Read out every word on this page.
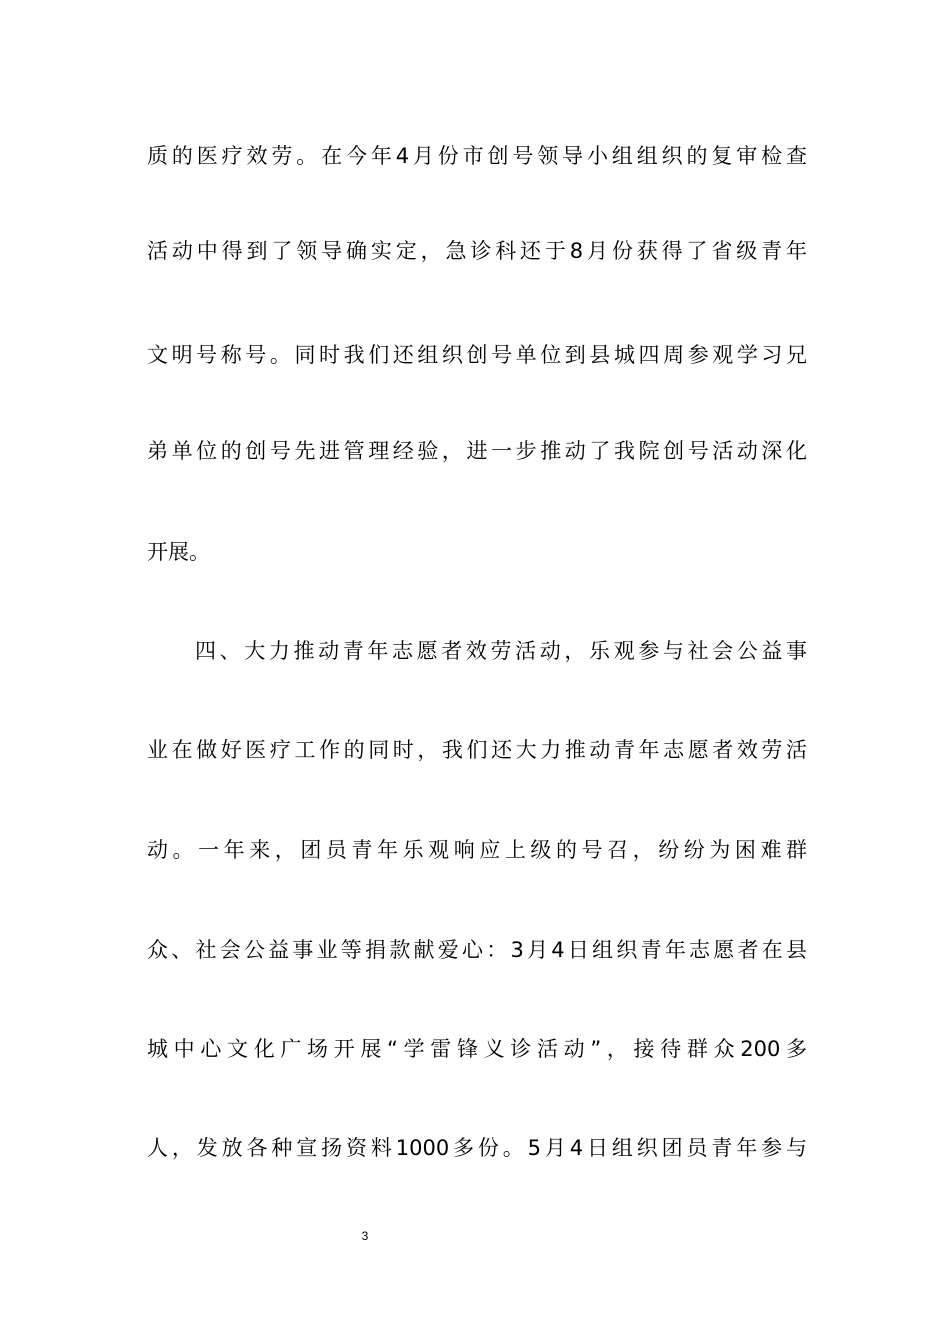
质的医疗效劳。在今年4月份市创号领导小组组织的复审检查
活动中得到了领导确实定，急诊科还于8月份获得了省级青年
文明号称号。同时我们还组织创号单位到县城四周参观学习兄
弟单位的创号先进管理经验，进一步推动了我院创号活动深化
开展。
四、大力推动青年志愿者效劳活动，乐观参与社会公益事
业在做好医疗工作的同时，我们还大力推动青年志愿者效劳活
动。一年来，团员青年乐观响应上级的号召，纷纷为困难群
众、社会公益事业等捐款献爱心：3月4日组织青年志愿者在县
城中心文化广场开展“学雷锋义诊活动”，接待群众200多
人，发放各种宣扬资料1000多份。5月4日组织团员青年参与
3
